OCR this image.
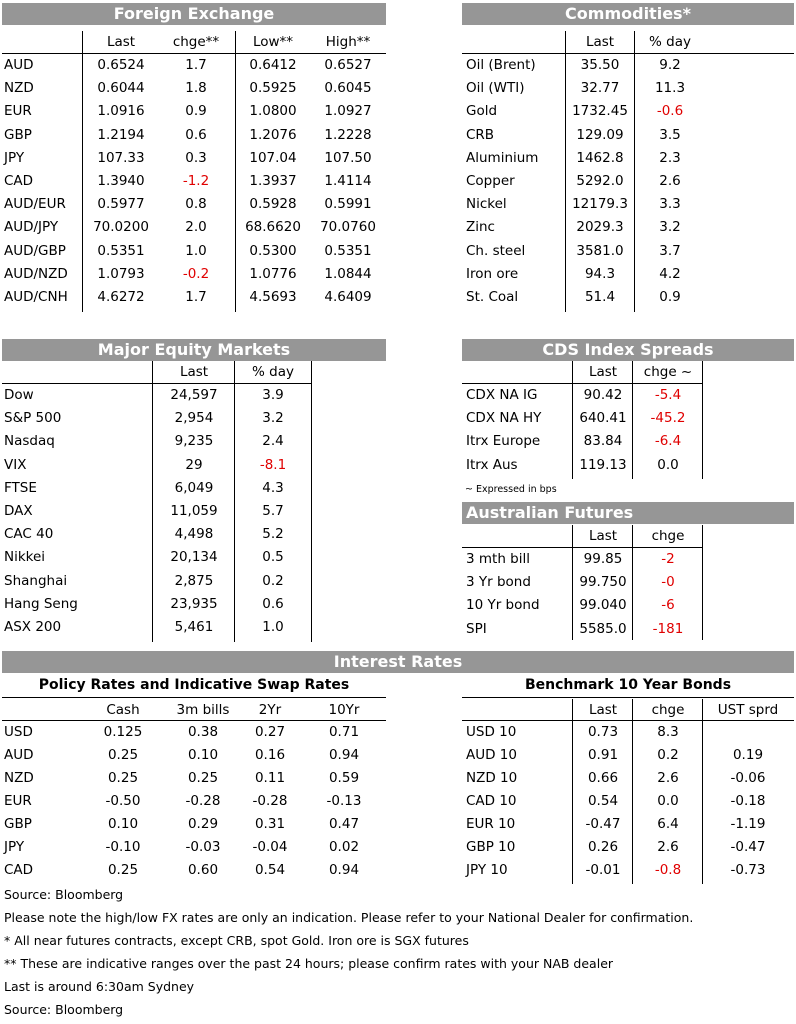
Foreign Exchange
Last	chge**	Low**	High**
AUD	0.6524	1.7	0.6412	0.6527
NZD	0.6044	1.8	0.5925	0.6045
EUR	1.0916	0.9	1.0800	1.0927
GBP	1.2194	0.6	1.2076	1.2228
JPY	107.33	0.3	107.04	107.50
CAD	1.3940	-1.2	1.3937	1.4114
AUD/EUR	0.5977	0.8	0.5928	0.5991
AUD/JPY	70.0200	2.0	68.6620	70.0760
AUD/GBP	0.5351	1.0	0.5300	0.5351
AUD/NZD	1.0793	-0.2	1.0776	1.0844
AUD/CNH	4.6272	1.7	4.5693	4.6409
Commodities*
Last	% day
Oil (Brent)	35.50	9.2
Oil (WTI)	32.77	11.3
Gold	1732.45	-0.6
CRB	129.09	3.5
Aluminium	1462.8	2.3
Copper	5292.0	2.6
Nickel	12179.3	3.3
Zinc	2029.3	3.2
Ch. steel	3581.0	3.7
Iron ore	94.3	4.2
St. Coal	51.4	0.9
Major Equity Markets
Last	% day
Dow	24,597	3.9
S&P 500	2,954	3.2
Nasdaq	9,235	2.4
VIX	29	-8.1
FTSE	6,049	4.3
DAX	11,059	5.7
CAC 40	4,498	5.2
Nikkei	20,134	0.5
Shanghai	2,875	0.2
Hang Seng	23,935	0.6
ASX 200	5,461	1.0
CDS Index Spreads
Last	chge ~
CDX NA IG	90.42	-5.4
CDX NA HY	640.41	-45.2
Itrx Europe	83.84	-6.4
Itrx Aus	119.13	0.0
~ Expressed in bps
Australian Futures
Last	chge
3 mth bill	99.85	-2
3 Yr bond	99.750	-0
10 Yr bond	99.040	-6
SPI	5585.0	-181
Interest Rates
Policy Rates and Indicative Swap Rates	Benchmark 10 Year Bonds
Cash	3m bills	2Yr	10Yr
USD	0.125	0.38	0.27	0.71
AUD	0.25	0.10	0.16	0.94
NZD	0.25	0.25	0.11	0.59
EUR	-0.50	-0.28	-0.28	-0.13
GBP	0.10	0.29	0.31	0.47
JPY	-0.10	-0.03	-0.04	0.02
CAD	0.25	0.60	0.54	0.94
Last	chge	UST sprd
USD 10	0.73	8.3
AUD 10	0.91	0.2	0.19
NZD 10	0.66	2.6	-0.06
CAD 10	0.54	0.0	-0.18
EUR 10	-0.47	6.4	-1.19
GBP 10	0.26	2.6	-0.47
JPY 10	-0.01	-0.8	-0.73
Source: Bloomberg
Please note the high/low FX rates are only an indication. Please refer to your National Dealer for confirmation.
* All near futures contracts, except CRB, spot Gold. Iron ore is SGX futures
** These are indicative ranges over the past 24 hours; please confirm rates with your NAB dealer
Last is around 6:30am Sydney
Source: Bloomberg
